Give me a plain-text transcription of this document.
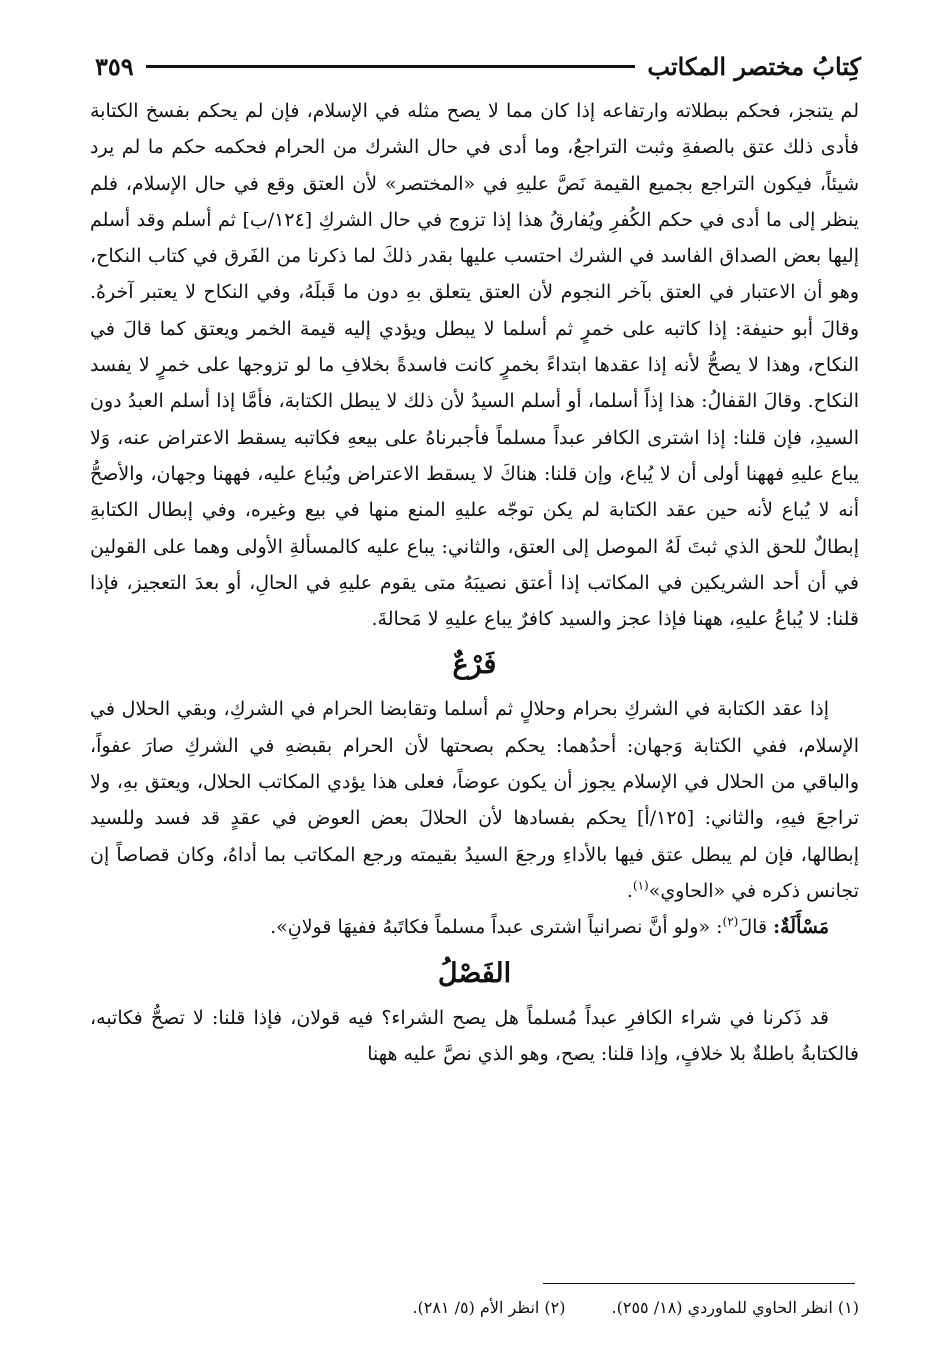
كِتابُ مختصر المكاتب
٣٥٩

لم يتنجز، فحكم ببطلاته وارتفاعه إذا كان مما لا يصح مثله في الإسلام، فإن لم يحكم بفسخ الكتابة فأدى ذلك عتق بالصفةِ وثبت التراجعُ، وما أدى في حال الشرك من الحرام فحكمه حكم ما لم يرد شيئاً، فيكون التراجع بجميع القيمة نَصَّ عليهِ في «المختصر» لأن العتق وقع في حال الإسلام، فلم ينظر إلى ما أدى في حكم الكُفرِ ويُفارقُ هذا إذا تزوج في حال الشركِ [١٢٤/ب] ثم أسلم وقد أسلم إليها بعض الصداق الفاسد في الشرك احتسب عليها بقدر ذلكَ لما ذكرنا من الفَرق في كتاب النكاح، وهو أن الاعتبار في العتق بآخر النجوم لأن العتق يتعلق بهِ دون ما قَبلَهُ، وفي النكاح لا يعتبر آخرهُ. وقالَ أبو حنيفة: إذا كاتبه على خمرٍ ثم أسلما لا يبطل ويؤدي إليه قيمة الخمر ويعتق كما قالَ في النكاح، وهذا لا يصحُّ لأنه إذا عقدها ابتداءً بخمرٍ كانت فاسدةً بخلافِ ما لو تزوجها على خمرٍ لا يفسد النكاح. وقالَ القفالُ: هذا إذاً أسلما، أو أسلم السيدُ لأن ذلك لا يبطل الكتابة، فأمَّا إذا أسلم العبدُ دون السيدِ، فإن قلنا: إذا اشترى الكافر عبداً مسلماً فأجبرناهُ على بيعهِ فكاتبه يسقط الاعتراض عنه، وَلا يباع عليهِ فههنا أولى أن لا يُباع، وإن قلنا: هناكَ لا يسقط الاعتراض ويُباع عليه، فههنا وجهان، والأصحُّ أنه لا يُباع لأنه حين عقد الكتابة لم يكن توجّه عليهِ المنع منها في بيع وغيره، وفي إبطال الكتابةِ إبطالٌ للحق الذي ثبتَ لَهُ الموصل إلى العتق، والثاني: يباع عليه كالمسألةِ الأولى وهما على القولين في أن أحد الشريكين في المكاتب إذا أعتق نصيبَهُ متى يقوم عليهِ في الحالِ، أو بعدَ التعجيز، فإذا قلنا: لا يُباعُ عليهِ، ههنا فإذا عجز والسيد كافرٌ يباع عليهِ لا مَحالةَ.

فَرْعٌ

إذا عقد الكتابة في الشركِ بحرام وحلالٍ ثم أسلما وتقابضا الحرام في الشركِ، وبقي الحلال في الإسلام، ففي الكتابة وَجهان: أحدُهما: يحكم بصحتها لأن الحرام بقبضهِ في الشركِ صارَ عفواً، والباقي من الحلال في الإسلام يجوز أن يكون عوضاً، فعلى هذا يؤدي المكاتب الحلال، ويعتق بهِ، ولا تراجعَ فيهِ، والثاني: [١٢٥/أ] يحكم بفسادها لأن الحلالَ بعض العوض في عقدٍ قد فسد وللسيد إبطالها، فإن لم يبطل عتق فيها بالأداءِ ورجعَ السيدُ بقيمته ورجع المكاتب بما أداهُ، وكان قصاصاً إن تجانس ذكره في «الحاوي»$^{(١)}$.

مَسْأَلَةٌ: قالَ$^{(٢)}$: «ولو أنَّ نصرانياً اشترى عبداً مسلماً فكاتَبهُ ففيهَا قولانِ».

الفَصْلُ

قد ذَكرنا في شراء الكافرِ عبداً مُسلماً هل يصح الشراء؟ فيه قولان، فإذا قلنا: لا تصحُّ فكاتبه، فالكتابةُ باطلةٌ بلا خلافٍ، وإذا قلنا: يصح، وهو الذي نصَّ عليه ههنا

(١) انظر الحاوي للماوردي (١٨/ ٢٥٥).(٢) انظر الأم (٥/ ٢٨١).
